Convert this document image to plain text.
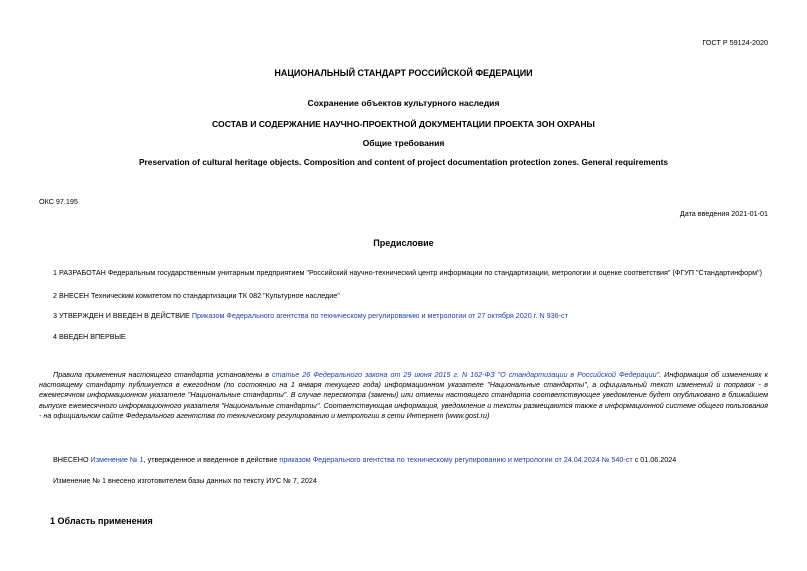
ГОСТ Р 59124-2020
НАЦИОНАЛЬНЫЙ СТАНДАРТ РОССИЙСКОЙ ФЕДЕРАЦИИ
Сохранение объектов культурного наследия
СОСТАВ И СОДЕРЖАНИЕ НАУЧНО-ПРОЕКТНОЙ ДОКУМЕНТАЦИИ ПРОЕКТА ЗОН ОХРАНЫ
Общие требования
Preservation of cultural heritage objects. Composition and content of project documentation protection zones. General requirements
ОКС 97.195
Дата введения 2021-01-01
Предисловие
1 РАЗРАБОТАН Федеральным государственным унитарным предприятием "Российский научно-технический центр информации по стандартизации, метрологии и оценке соответствия" (ФГУП "Стандартинформ")
2 ВНЕСЕН Техническим комитетом по стандартизации ТК 082 "Культурное наследие"
3 УТВЕРЖДЕН И ВВЕДЕН В ДЕЙСТВИЕ Приказом Федерального агентства по техническому регулированию и метрологии от 27 октября 2020 г. N 936-ст
4 ВВЕДЕН ВПЕРВЫЕ
Правила применения настоящего стандарта установлены в статье 26 Федерального закона от 29 июня 2015 г. N 162-ФЗ "О стандартизации в Российской Федерации". Информация об изменениях к настоящему стандарту публикуется в ежегодном (по состоянию на 1 января текущего года) информационном указателе "Национальные стандарты", а официальный текст изменений и поправок - в ежемесячном информационном указателе "Национальные стандарты". В случае пересмотра (замены) или отмены настоящего стандарта соответствующее уведомление будет опубликовано в ближайшем выпуске ежемесячного информационного указателя "Национальные стандарты". Соответствующая информация, уведомление и тексты размещаются также в информационной системе общего пользования - на официальном сайте Федерального агентства по техническому регулированию и метрологии в сети Интернет (www.gost.ru)
ВНЕСЕНО Изменение № 1, утвержденное и введенное в действие приказом Федерального агентства по техническому регулированию и метрологии от 24.04.2024 № 540-ст с 01.06.2024
Изменение № 1 внесено изготовителем базы данных по тексту ИУС № 7, 2024
1 Область применения
